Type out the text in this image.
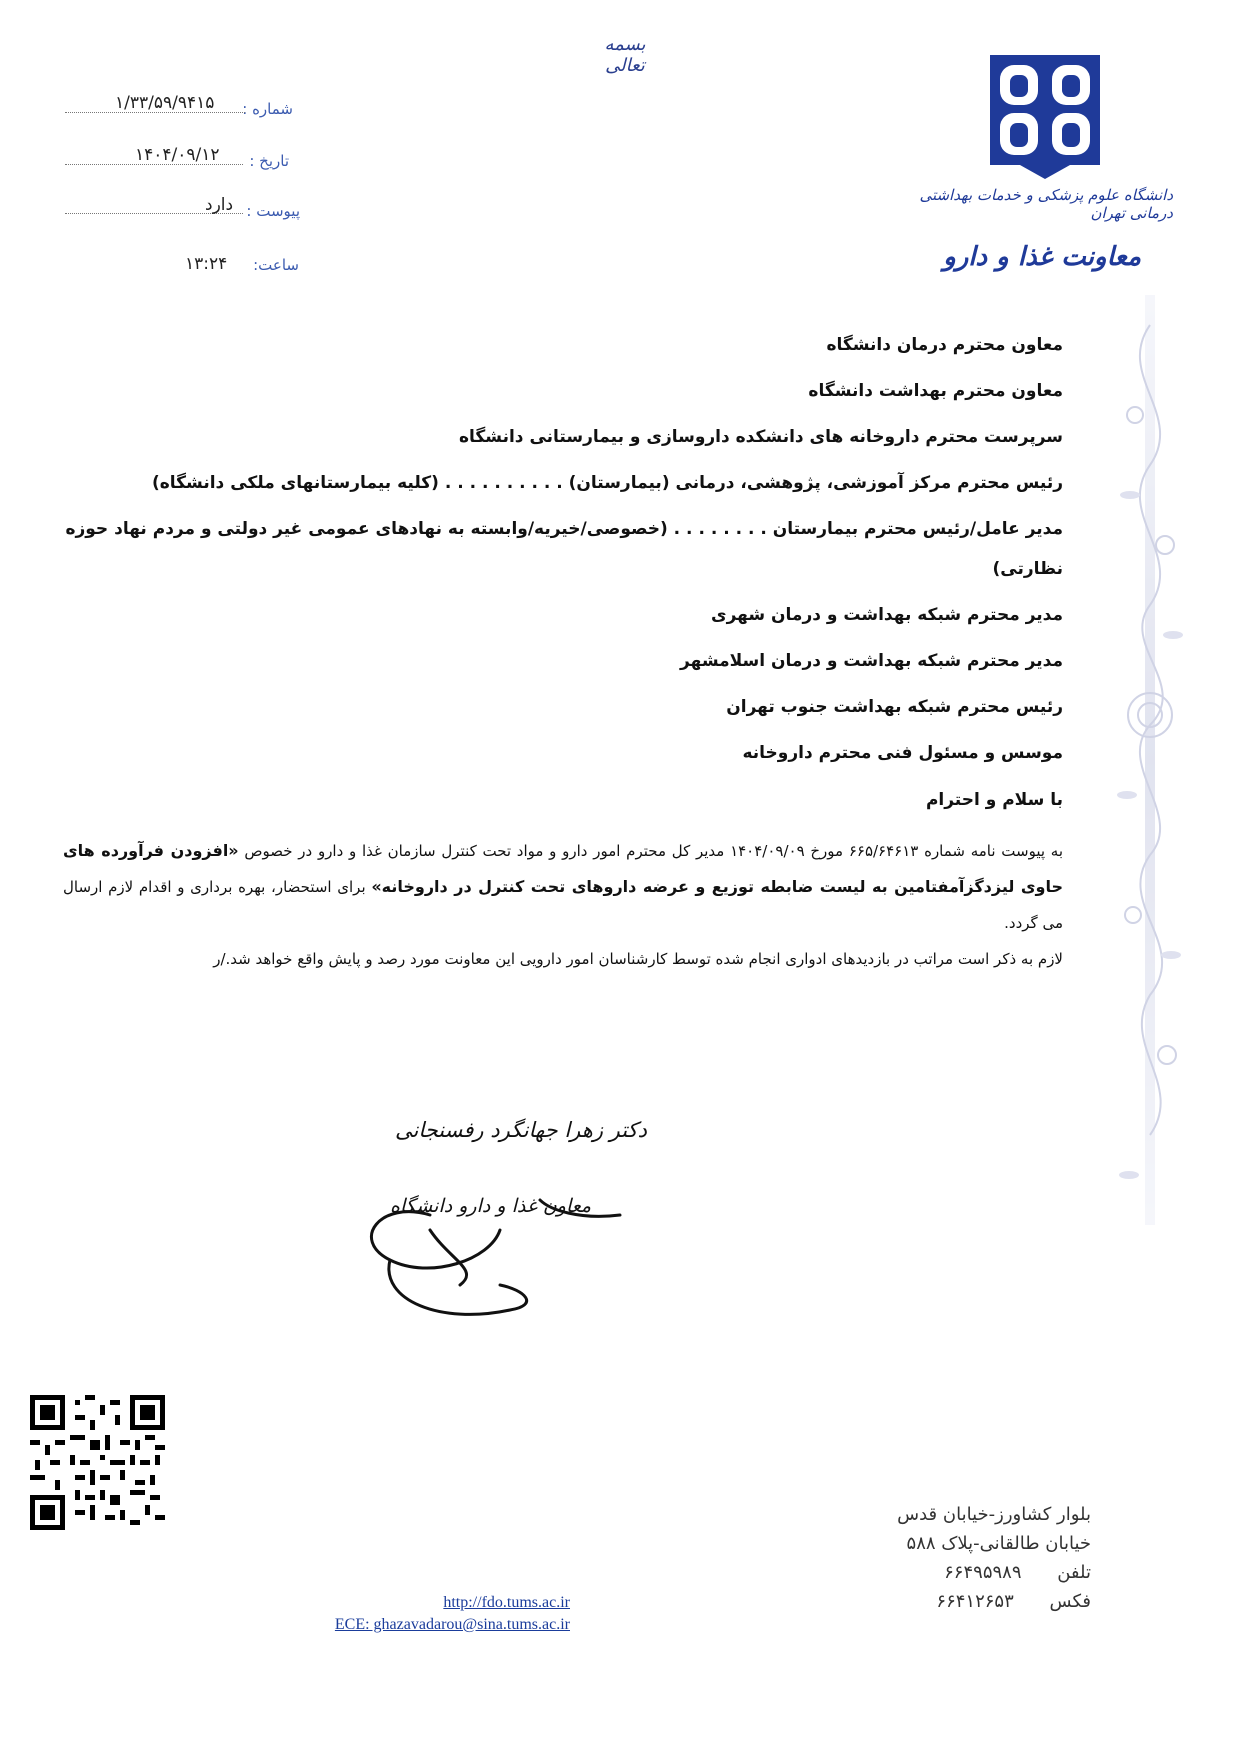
بسمه تعالی
شماره :
۱/۳۳/۵۹/۹۴۱۵
تاریخ :
۱۴۰۴/۰۹/۱۲
پیوست :
دارد
ساعت:
۱۳:۲۴
دانشگاه علوم پزشکی و خدمات بهداشتی درمانی تهران
معاونت غذا و دارو
معاون محترم درمان دانشگاه
معاون محترم بهداشت دانشگاه
سرپرست محترم داروخانه های دانشکده داروسازی و بیمارستانی دانشگاه
رئیس محترم مرکز آموزشی، پژوهشی، درمانی (بیمارستان) . . . . . . . . . . (کلیه بیمارستانهای ملکی دانشگاه)
مدیر عامل/رئیس محترم بیمارستان . . . . . . . . (خصوصی/خیریه/وابسته به نهادهای عمومی غیر دولتی و مردم نهاد حوزه نظارتی)
مدیر محترم شبکه بهداشت و درمان شهری
مدیر محترم شبکه بهداشت و درمان اسلامشهر
رئیس محترم شبکه بهداشت جنوب تهران
موسس و مسئول فنی محترم داروخانه
با سلام و احترام

به پیوست نامه شماره ۶۶۵/۶۴۶۱۳ مورخ ۱۴۰۴/۰۹/۰۹ مدیر کل محترم امور دارو و مواد تحت کنترل سازمان غذا و دارو در خصوص «افزودن فرآورده های حاوی لیزدگزآمفتامین به لیست ضابطه توزیع و عرضه داروهای تحت کنترل در داروخانه» برای استحضار، بهره برداری و اقدام لازم ارسال می گردد.

لازم به ذکر است مراتب در بازدیدهای ادواری انجام شده توسط کارشناسان امور دارویی این معاونت مورد رصد و پایش واقع خواهد شد./ر

دکتر زهرا جهانگرد رفسنجانی
معاون غذا و دارو دانشگاه
http://fdo.tums.ac.ir
ECE: ghazavadarou@sina.tums.ac.ir
بلوار کشاورز-خیابان قدس
خیابان طالقانی-پلاک ۵۸۸
تلفن ۶۶۴۹۵۹۸۹
فکس ۶۶۴۱۲۶۵۳
